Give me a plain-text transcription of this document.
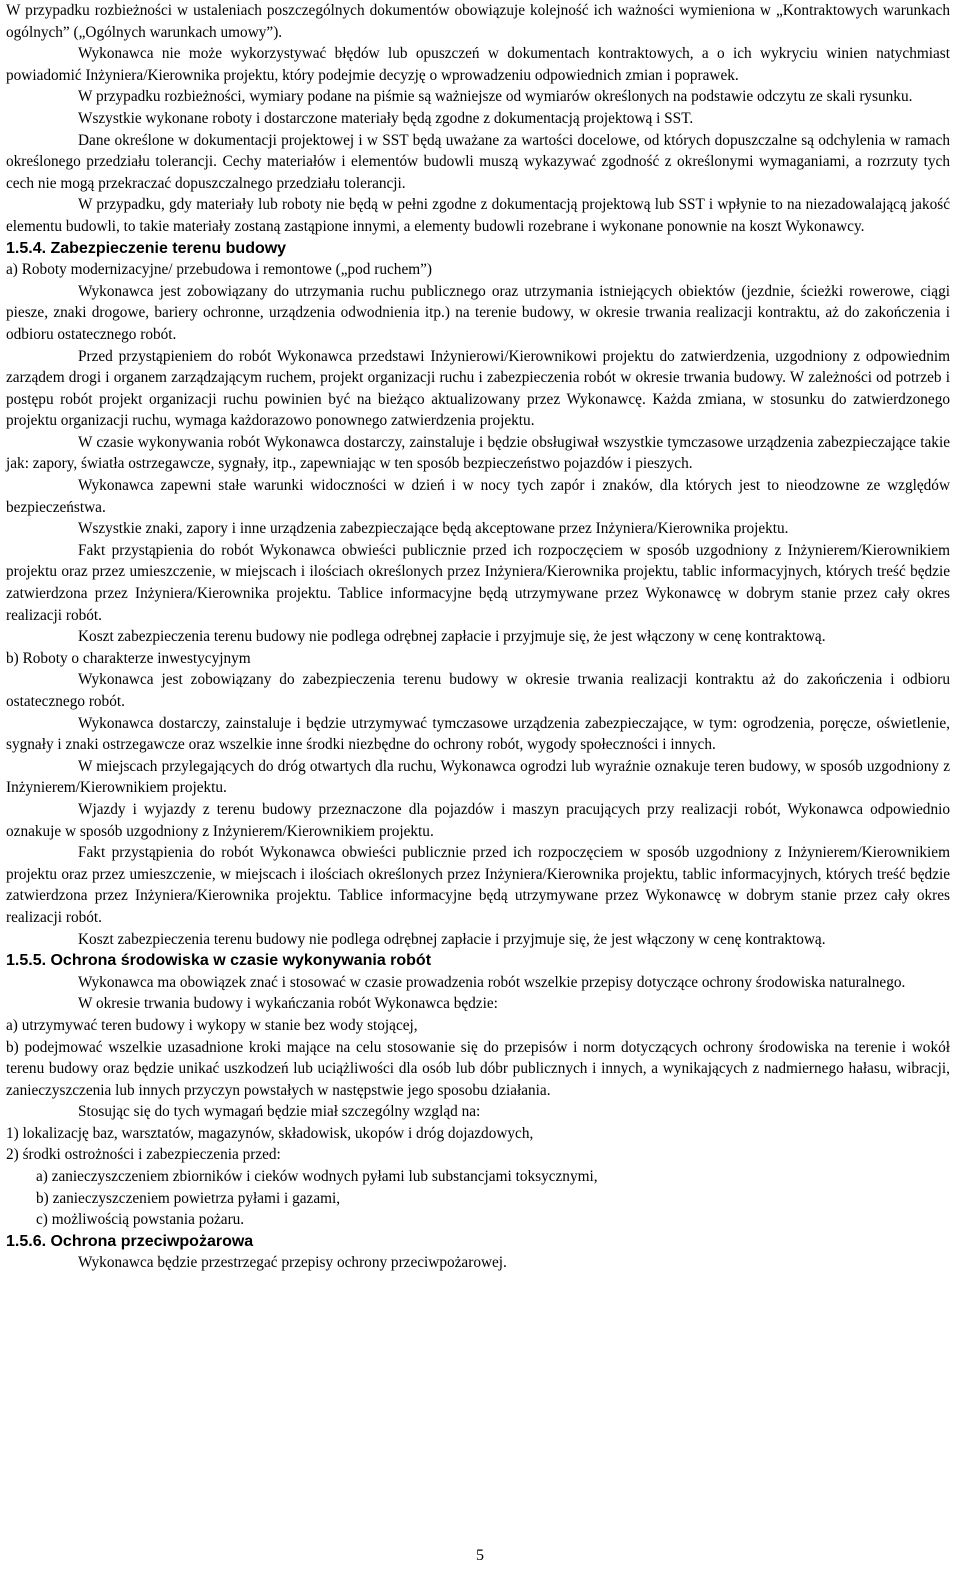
W przypadku rozbieżności w ustaleniach poszczególnych dokumentów obowiązuje kolejność ich ważności wymieniona w „Kontraktowych warunkach ogólnych” („Ogólnych warunkach umowy”).

Wykonawca nie może wykorzystywać błędów lub opuszczeń w dokumentach kontraktowych, a o ich wykryciu winien natychmiast powiadomić Inżyniera/Kierownika projektu, który podejmie decyzję o wprowadzeniu odpowiednich zmian i poprawek.

W przypadku rozbieżności, wymiary podane na piśmie są ważniejsze od wymiarów określonych na podstawie odczytu ze skali rysunku.

Wszystkie wykonane roboty i dostarczone materiały będą zgodne z dokumentacją projektową i SST.

Dane określone w dokumentacji projektowej i w SST będą uważane za wartości docelowe, od których dopuszczalne są odchylenia w ramach określonego przedziału tolerancji. Cechy materiałów i elementów budowli muszą wykazywać zgodność z określonymi wymaganiami, a rozrzuty tych cech nie mogą przekraczać dopuszczalnego przedziału tolerancji.

W przypadku, gdy materiały lub roboty nie będą w pełni zgodne z dokumentacją projektową lub SST i wpłynie to na niezadowalającą jakość elementu budowli, to takie materiały zostaną zastąpione innymi, a elementy budowli rozebrane i wykonane ponownie na koszt Wykonawcy.

1.5.4. Zabezpieczenie terenu budowy

a) Roboty modernizacyjne/ przebudowa i remontowe („pod ruchem”)

Wykonawca jest zobowiązany do utrzymania ruchu publicznego oraz utrzymania istniejących obiektów (jezdnie, ścieżki rowerowe, ciągi piesze, znaki drogowe, bariery ochronne, urządzenia odwodnienia itp.) na terenie budowy, w okresie trwania realizacji kontraktu, aż do zakończenia i odbioru ostatecznego robót.

Przed przystąpieniem do robót Wykonawca przedstawi Inżynierowi/Kierownikowi projektu do zatwierdzenia, uzgodniony z odpowiednim zarządem drogi i organem zarządzającym ruchem, projekt organizacji ruchu i zabezpieczenia robót w okresie trwania budowy. W zależności od potrzeb i postępu robót projekt organizacji ruchu powinien być na bieżąco aktualizowany przez Wykonawcę. Każda zmiana, w stosunku do zatwierdzonego projektu organizacji ruchu, wymaga każdorazowo ponownego zatwierdzenia projektu.

W czasie wykonywania robót Wykonawca dostarczy, zainstaluje i będzie obsługiwał wszystkie tymczasowe urządzenia zabezpieczające takie jak: zapory, światła ostrzegawcze, sygnały, itp., zapewniając w ten sposób bezpieczeństwo pojazdów i pieszych.

Wykonawca zapewni stałe warunki widoczności w dzień i w nocy tych zapór i znaków, dla których jest to nieodzowne ze względów bezpieczeństwa.

Wszystkie znaki, zapory i inne urządzenia zabezpieczające będą akceptowane przez Inżyniera/Kierownika projektu.

Fakt przystąpienia do robót Wykonawca obwieści publicznie przed ich rozpoczęciem w sposób uzgodniony z Inżynierem/Kierownikiem projektu oraz przez umieszczenie, w miejscach i ilościach określonych przez Inżyniera/Kierownika projektu, tablic informacyjnych, których treść będzie zatwierdzona przez Inżyniera/Kierownika projektu. Tablice informacyjne będą utrzymywane przez Wykonawcę w dobrym stanie przez cały okres realizacji robót.

Koszt zabezpieczenia terenu budowy nie podlega odrębnej zapłacie i przyjmuje się, że jest włączony w cenę kontraktową.

b) Roboty o charakterze inwestycyjnym

Wykonawca jest zobowiązany do zabezpieczenia terenu budowy w okresie trwania realizacji kontraktu aż do zakończenia i odbioru ostatecznego robót.

Wykonawca dostarczy, zainstaluje i będzie utrzymywać tymczasowe urządzenia zabezpieczające, w tym: ogrodzenia, poręcze, oświetlenie, sygnały i znaki ostrzegawcze oraz wszelkie inne środki niezbędne do ochrony robót, wygody społeczności i innych.

W miejscach przylegających do dróg otwartych dla ruchu, Wykonawca ogrodzi lub wyraźnie oznakuje teren budowy, w sposób uzgodniony z Inżynierem/Kierownikiem projektu.

Wjazdy i wyjazdy z terenu budowy przeznaczone dla pojazdów i maszyn pracujących przy realizacji robót, Wykonawca odpowiednio oznakuje w sposób uzgodniony z Inżynierem/Kierownikiem projektu.

Fakt przystąpienia do robót Wykonawca obwieści publicznie przed ich rozpoczęciem w sposób uzgodniony z Inżynierem/Kierownikiem projektu oraz przez umieszczenie, w miejscach i ilościach określonych przez Inżyniera/Kierownika projektu, tablic informacyjnych, których treść będzie zatwierdzona przez Inżyniera/Kierownika projektu. Tablice informacyjne będą utrzymywane przez Wykonawcę w dobrym stanie przez cały okres realizacji robót.

Koszt zabezpieczenia terenu budowy nie podlega odrębnej zapłacie i przyjmuje się, że jest włączony w cenę kontraktową.

1.5.5. Ochrona środowiska w czasie wykonywania robót

Wykonawca ma obowiązek znać i stosować w czasie prowadzenia robót wszelkie przepisy dotyczące ochrony środowiska naturalnego.

W okresie trwania budowy i wykańczania robót Wykonawca będzie:

a) utrzymywać teren budowy i wykopy w stanie bez wody stojącej,

b) podejmować wszelkie uzasadnione kroki mające na celu stosowanie się do przepisów i norm dotyczących ochrony środowiska na terenie i wokół terenu budowy oraz będzie unikać uszkodzeń lub uciążliwości dla osób lub dóbr publicznych i innych, a wynikających z nadmiernego hałasu, wibracji, zanieczyszczenia lub innych przyczyn powstałych w następstwie jego sposobu działania.

Stosując się do tych wymagań będzie miał szczególny wzgląd na:

1) lokalizację baz, warsztatów, magazynów, składowisk, ukopów i dróg dojazdowych,

2) środki ostrożności i zabezpieczenia przed:

a) zanieczyszczeniem zbiorników i cieków wodnych pyłami lub substancjami toksycznymi,

b) zanieczyszczeniem powietrza pyłami i gazami,

c) możliwością powstania pożaru.

1.5.6. Ochrona przeciwpożarowa

Wykonawca będzie przestrzegać przepisy ochrony przeciwpożarowej.

5
